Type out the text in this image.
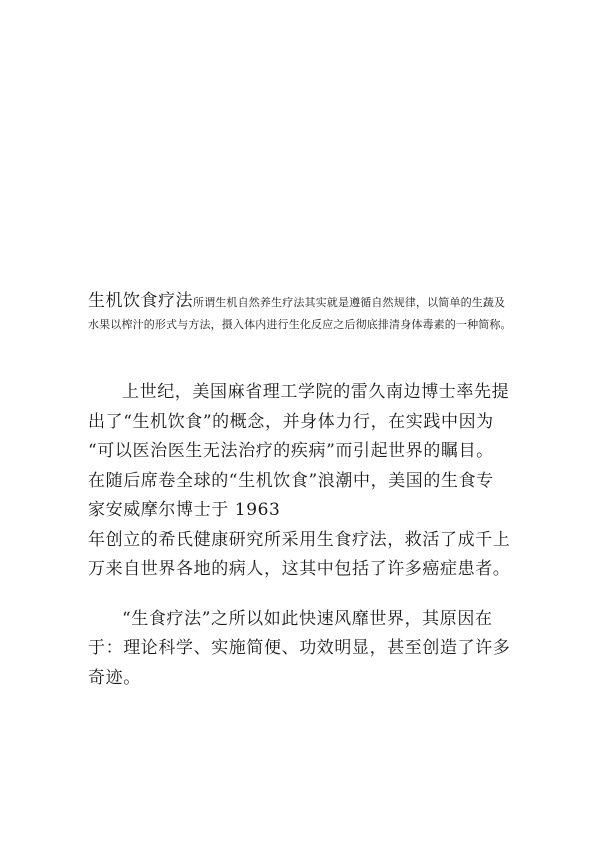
生机饮食疗法所谓生机自然养生疗法其实就是遵循自然规律，以简单的生蔬及
水果以榨汁的形式与方法，摄入体内进行生化反应之后彻底排清身体毒素的一种简称。

上世纪，美国麻省理工学院的雷久南边博士率先提
出了“生机饮食”的概念，并身体力行，在实践中因为
“可以医治医生无法治疗的疾病”而引起世界的瞩目。
在随后席卷全球的“生机饮食”浪潮中，美国的生食专
家安威摩尔博士于 1963
年创立的希氏健康研究所采用生食疗法，救活了成千上
万来自世界各地的病人，这其中包括了许多癌症患者。

“生食疗法”之所以如此快速风靡世界，其原因在
于：理论科学、实施简便、功效明显，甚至创造了许多
奇迹。
